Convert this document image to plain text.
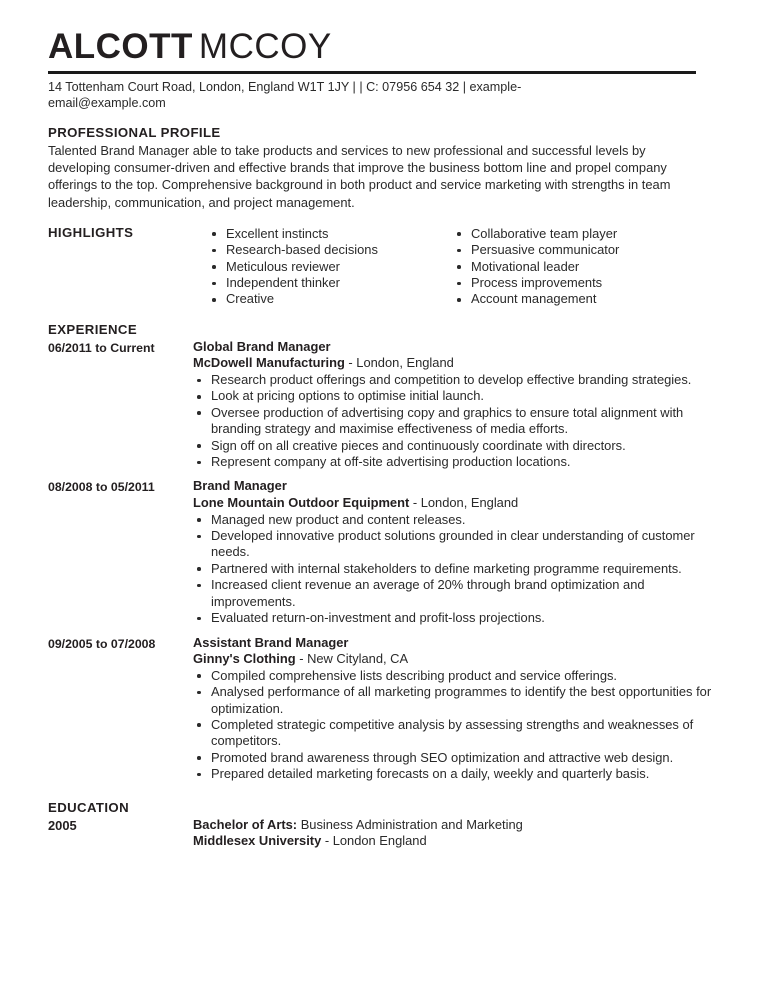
ALCOTT MCCOY
14 Tottenham Court Road, London, England W1T 1JY | | C: 07956 654 32 | example-email@example.com
PROFESSIONAL PROFILE
Talented Brand Manager able to take products and services to new professional and successful levels by developing consumer-driven and effective brands that improve the business bottom line and propel company offerings to the top. Comprehensive background in both product and service marketing with strengths in team leadership, communication, and project management.
HIGHLIGHTS	Excellent instincts
Research-based decisions
Meticulous reviewer
Independent thinker
Creative
Collaborative team player
Persuasive communicator
Motivational leader
Process improvements
Account management
EXPERIENCE
06/2011 to Current	Global Brand Manager
McDowell Manufacturing - London, England
Research product offerings and competition to develop effective branding strategies.
Look at pricing options to optimise initial launch.
Oversee production of advertising copy and graphics to ensure total alignment with branding strategy and maximise effectiveness of media efforts.
Sign off on all creative pieces and continuously coordinate with directors.
Represent company at off-site advertising production locations.
08/2008 to 05/2011	Brand Manager
Lone Mountain Outdoor Equipment - London, England
Managed new product and content releases.
Developed innovative product solutions grounded in clear understanding of customer needs.
Partnered with internal stakeholders to define marketing programme requirements.
Increased client revenue an average of 20% through brand optimization and improvements.
Evaluated return-on-investment and profit-loss projections.
09/2005 to 07/2008	Assistant Brand Manager
Ginny's Clothing - New Cityland, CA
Compiled comprehensive lists describing product and service offerings.
Analysed performance of all marketing programmes to identify the best opportunities for optimization.
Completed strategic competitive analysis by assessing strengths and weaknesses of competitors.
Promoted brand awareness through SEO optimization and attractive web design.
Prepared detailed marketing forecasts on a daily, weekly and quarterly basis.
EDUCATION
2005	Bachelor of Arts: Business Administration and Marketing
Middlesex University - London England
